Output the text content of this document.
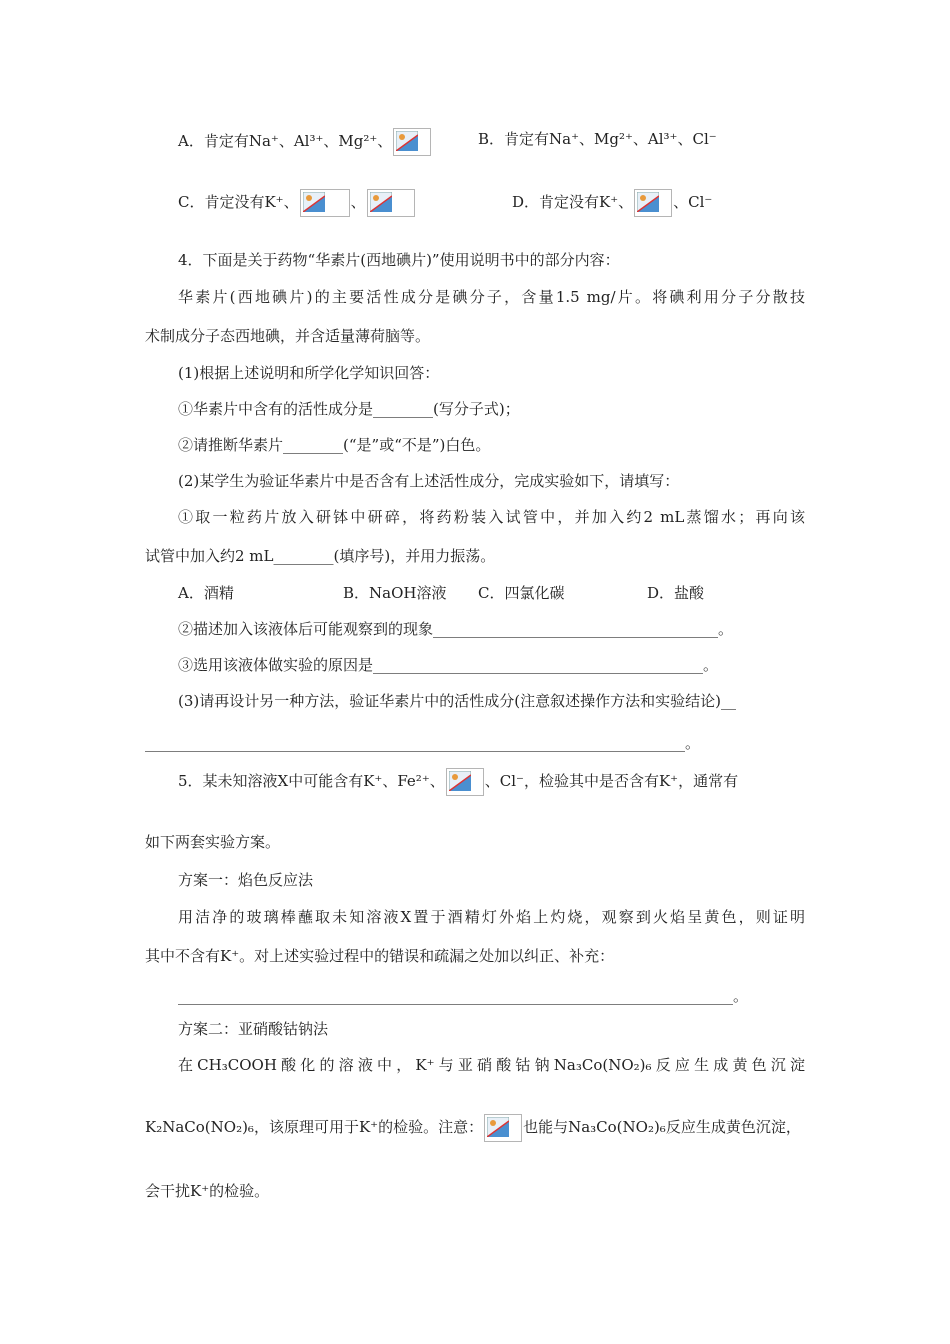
A．肯定有Na⁺、Al³⁺、Mg²⁺、	B．肯定有Na⁺、Mg²⁺、Al³⁺、Cl⁻
C．肯定没有K⁺、	、	D．肯定没有K⁺、	、Cl⁻
4．下面是关于药物“华素片(西地碘片)”使用说明书中的部分内容：
华素片(西地碘片)的主要活性成分是碘分子，含量1.5 mg/片。将碘利用分子分散技
术制成分子态西地碘，并含适量薄荷脑等。
(1)根据上述说明和所学化学知识回答：
①华素片中含有的活性成分是________(写分子式)；
②请推断华素片________(“是”或“不是”)白色。
(2)某学生为验证华素片中是否含有上述活性成分，完成实验如下，请填写：
①取一粒药片放入研钵中研碎，将药粉装入试管中，并加入约2 mL蒸馏水；再向该
试管中加入约2 mL________(填序号)，并用力振荡。
A．酒精	B．NaOH溶液 C．四氯化碳	D．盐酸
②描述加入该液体后可能观察到的现象______________________________________。
③选用该液体做实验的原因是____________________________________________。
(3)请再设计另一种方法，验证华素片中的活性成分(注意叙述操作方法和实验结论)__
________________________________________________________________________。
5．某未知溶液X中可能含有K⁺、Fe²⁺、	、Cl⁻，检验其中是否含有K⁺，通常有
如下两套实验方案。
方案一：焰色反应法
用洁净的玻璃棒蘸取未知溶液X置于酒精灯外焰上灼烧，观察到火焰呈黄色，则证明
其中不含有K⁺。对上述实验过程中的错误和疏漏之处加以纠正、补充：
__________________________________________________________________________。
方案二：亚硝酸钴钠法
在CH₃COOH酸化的溶液中，K⁺与亚硝酸钴钠Na₃Co(NO₂)₆反应生成黄色沉淀
K₂NaCo(NO₂)₆，该原理可用于K⁺的检验。注意：	也能与Na₃Co(NO₂)₆反应生成黄色沉淀，
会干扰K⁺的检验。
